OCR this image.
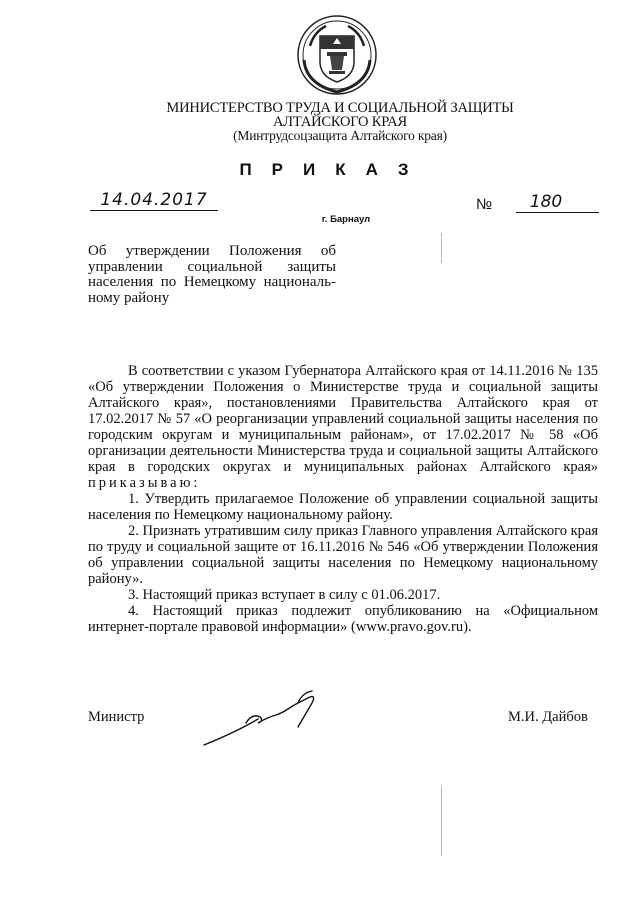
МИНИСТЕРСТВО ТРУДА И СОЦИАЛЬНОЙ ЗАЩИТЫ
АЛТАЙСКОГО КРАЯ
(Минтрудсоцзащита Алтайского края)
ПРИКАЗ
14.04.2017	№	180
г. Барнаул
Об утверждении Положения об управлении социальной защиты населения по Немецкому националь-ному району

В соответствии с указом Губернатора Алтайского края от 14.11.2016 № 135 «Об утверждении Положения о Министерстве труда и социальной защиты Алтайского края», постановлениями Правительства Алтайского края от 17.02.2017 № 57 «О реорганизации управлений социальной защиты населения по городским округам и муниципальным районам», от 17.02.2017 № 58 «Об организации деятельности Министерства труда и социальной защиты Алтайского края в городских округах и муниципальных районах Алтайского края» приказываю:

1. Утвердить прилагаемое Положение об управлении социальной защиты населения по Немецкому национальному району.

2. Признать утратившим силу приказ Главного управления Алтайского края по труду и социальной защите от 16.11.2016 № 546 «Об утверждении Положения об управлении социальной защиты населения по Немецкому национальному району».

3. Настоящий приказ вступает в силу с 01.06.2017.

4. Настоящий приказ подлежит опубликованию на «Официальном интернет-портале правовой информации» (www.pravo.gov.ru).

Министр	М.И. Дайбов
